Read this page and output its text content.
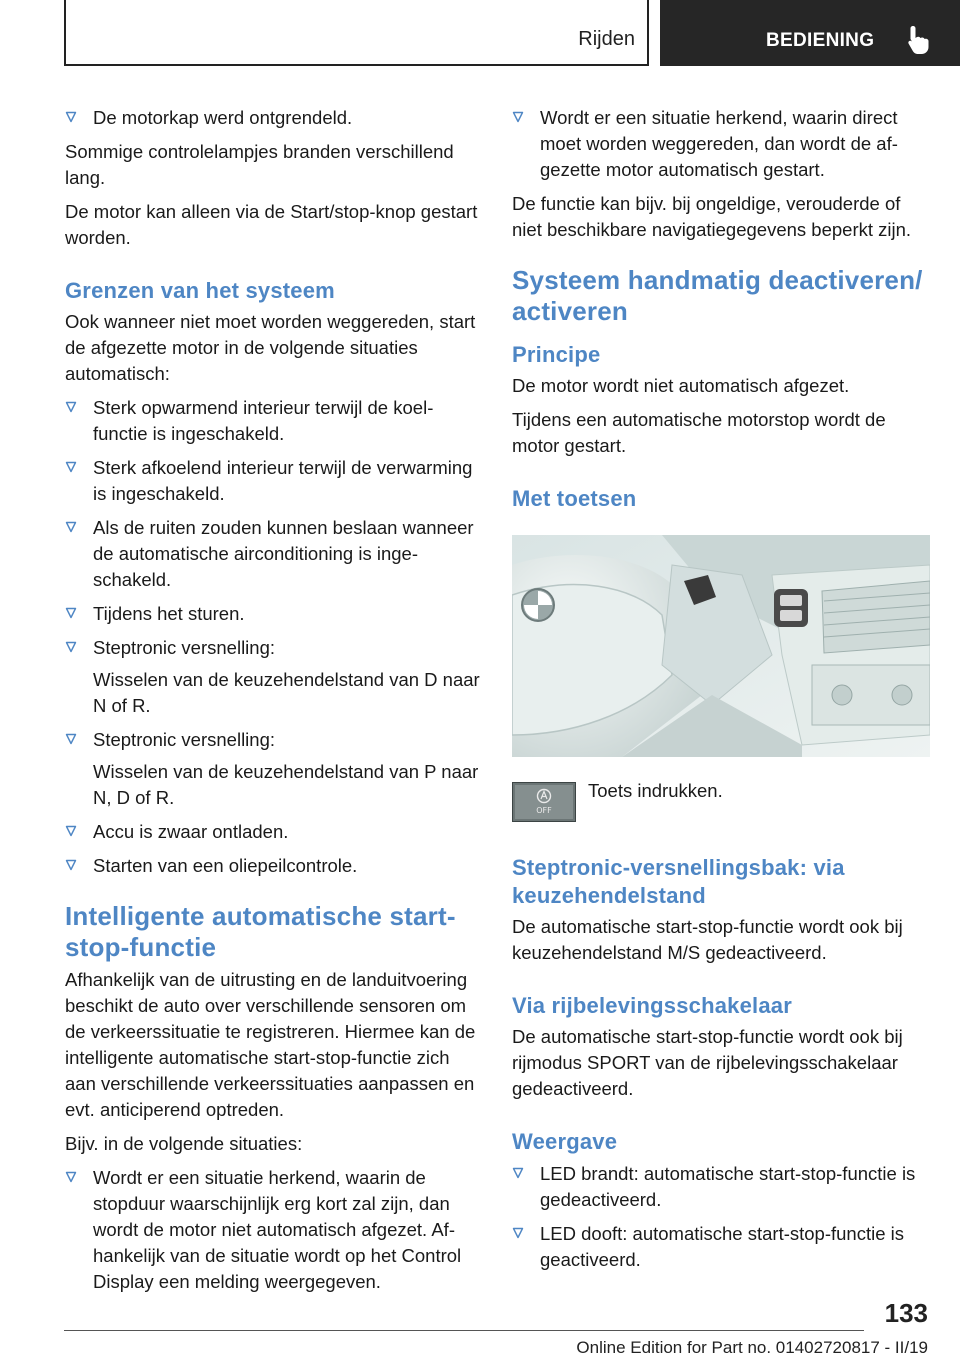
Rijden	BEDIENING
De motorkap werd ontgrendeld.

Sommige controlelampjes branden verschillend lang.

De motor kan alleen via de Start/stop-knop gestart worden.

Grenzen van het systeem

Ook wanneer niet moet worden weggereden, start de afgezette motor in de volgende situaties automatisch:

Sterk opwarmend interieur terwijl de koelfunctie is ingeschakeld.
Sterk afkoelend interieur terwijl de verwarming is ingeschakeld.
Als de ruiten zouden kunnen beslaan wanneer de automatische airconditioning is ingeschakeld.
Tijdens het sturen.
Steptronic versnelling:
Wisselen van de keuzehendelstand van D naar N of R.
Steptronic versnelling:
Wisselen van de keuzehendelstand van P naar N, D of R.
Accu is zwaar ontladen.
Starten van een oliepeilcontrole.
Intelligente automatische start-stop-functie

Afhankelijk van de uitrusting en de landuitvoering beschikt de auto over verschillende sensoren om de verkeerssituatie te registreren. Hiermee kan de intelligente automatische start-stop-functie zich aan verschillende verkeerssituaties aanpassen en evt. anticiperend optreden.

Bijv. in de volgende situaties:

Wordt er een situatie herkend, waarin de stopduur waarschijnlijk erg kort zal zijn, dan wordt de motor niet automatisch afgezet. Afhankelijk van de situatie wordt op het Control Display een melding weergegeven.
Wordt er een situatie herkend, waarin direct moet worden weggereden, dan wordt de afgezette motor automatisch gestart.

De functie kan bijv. bij ongeldige, verouderde of niet beschikbare navigatiegegevens beperkt zijn.

Systeem handmatig deactiveren/ activeren
Principe

De motor wordt niet automatisch afgezet.

Tijdens een automatische motorstop wordt de motor gestart.

Met toetsen
OFF
Toets indrukken.
Steptronic-versnellingsbak: via keuzehendelstand

De automatische start-stop-functie wordt ook bij keuzehendelstand M/S gedeactiveerd.

Via rijbelevingsschakelaar

De automatische start-stop-functie wordt ook bij rijmodus SPORT van de rijbelevingsschakelaar gedeactiveerd.

Weergave
LED brandt: automatische start-stop-functie is gedeactiveerd.
LED dooft: automatische start-stop-functie is geactiveerd.
133
Online Edition for Part no. 01402720817 - II/19
